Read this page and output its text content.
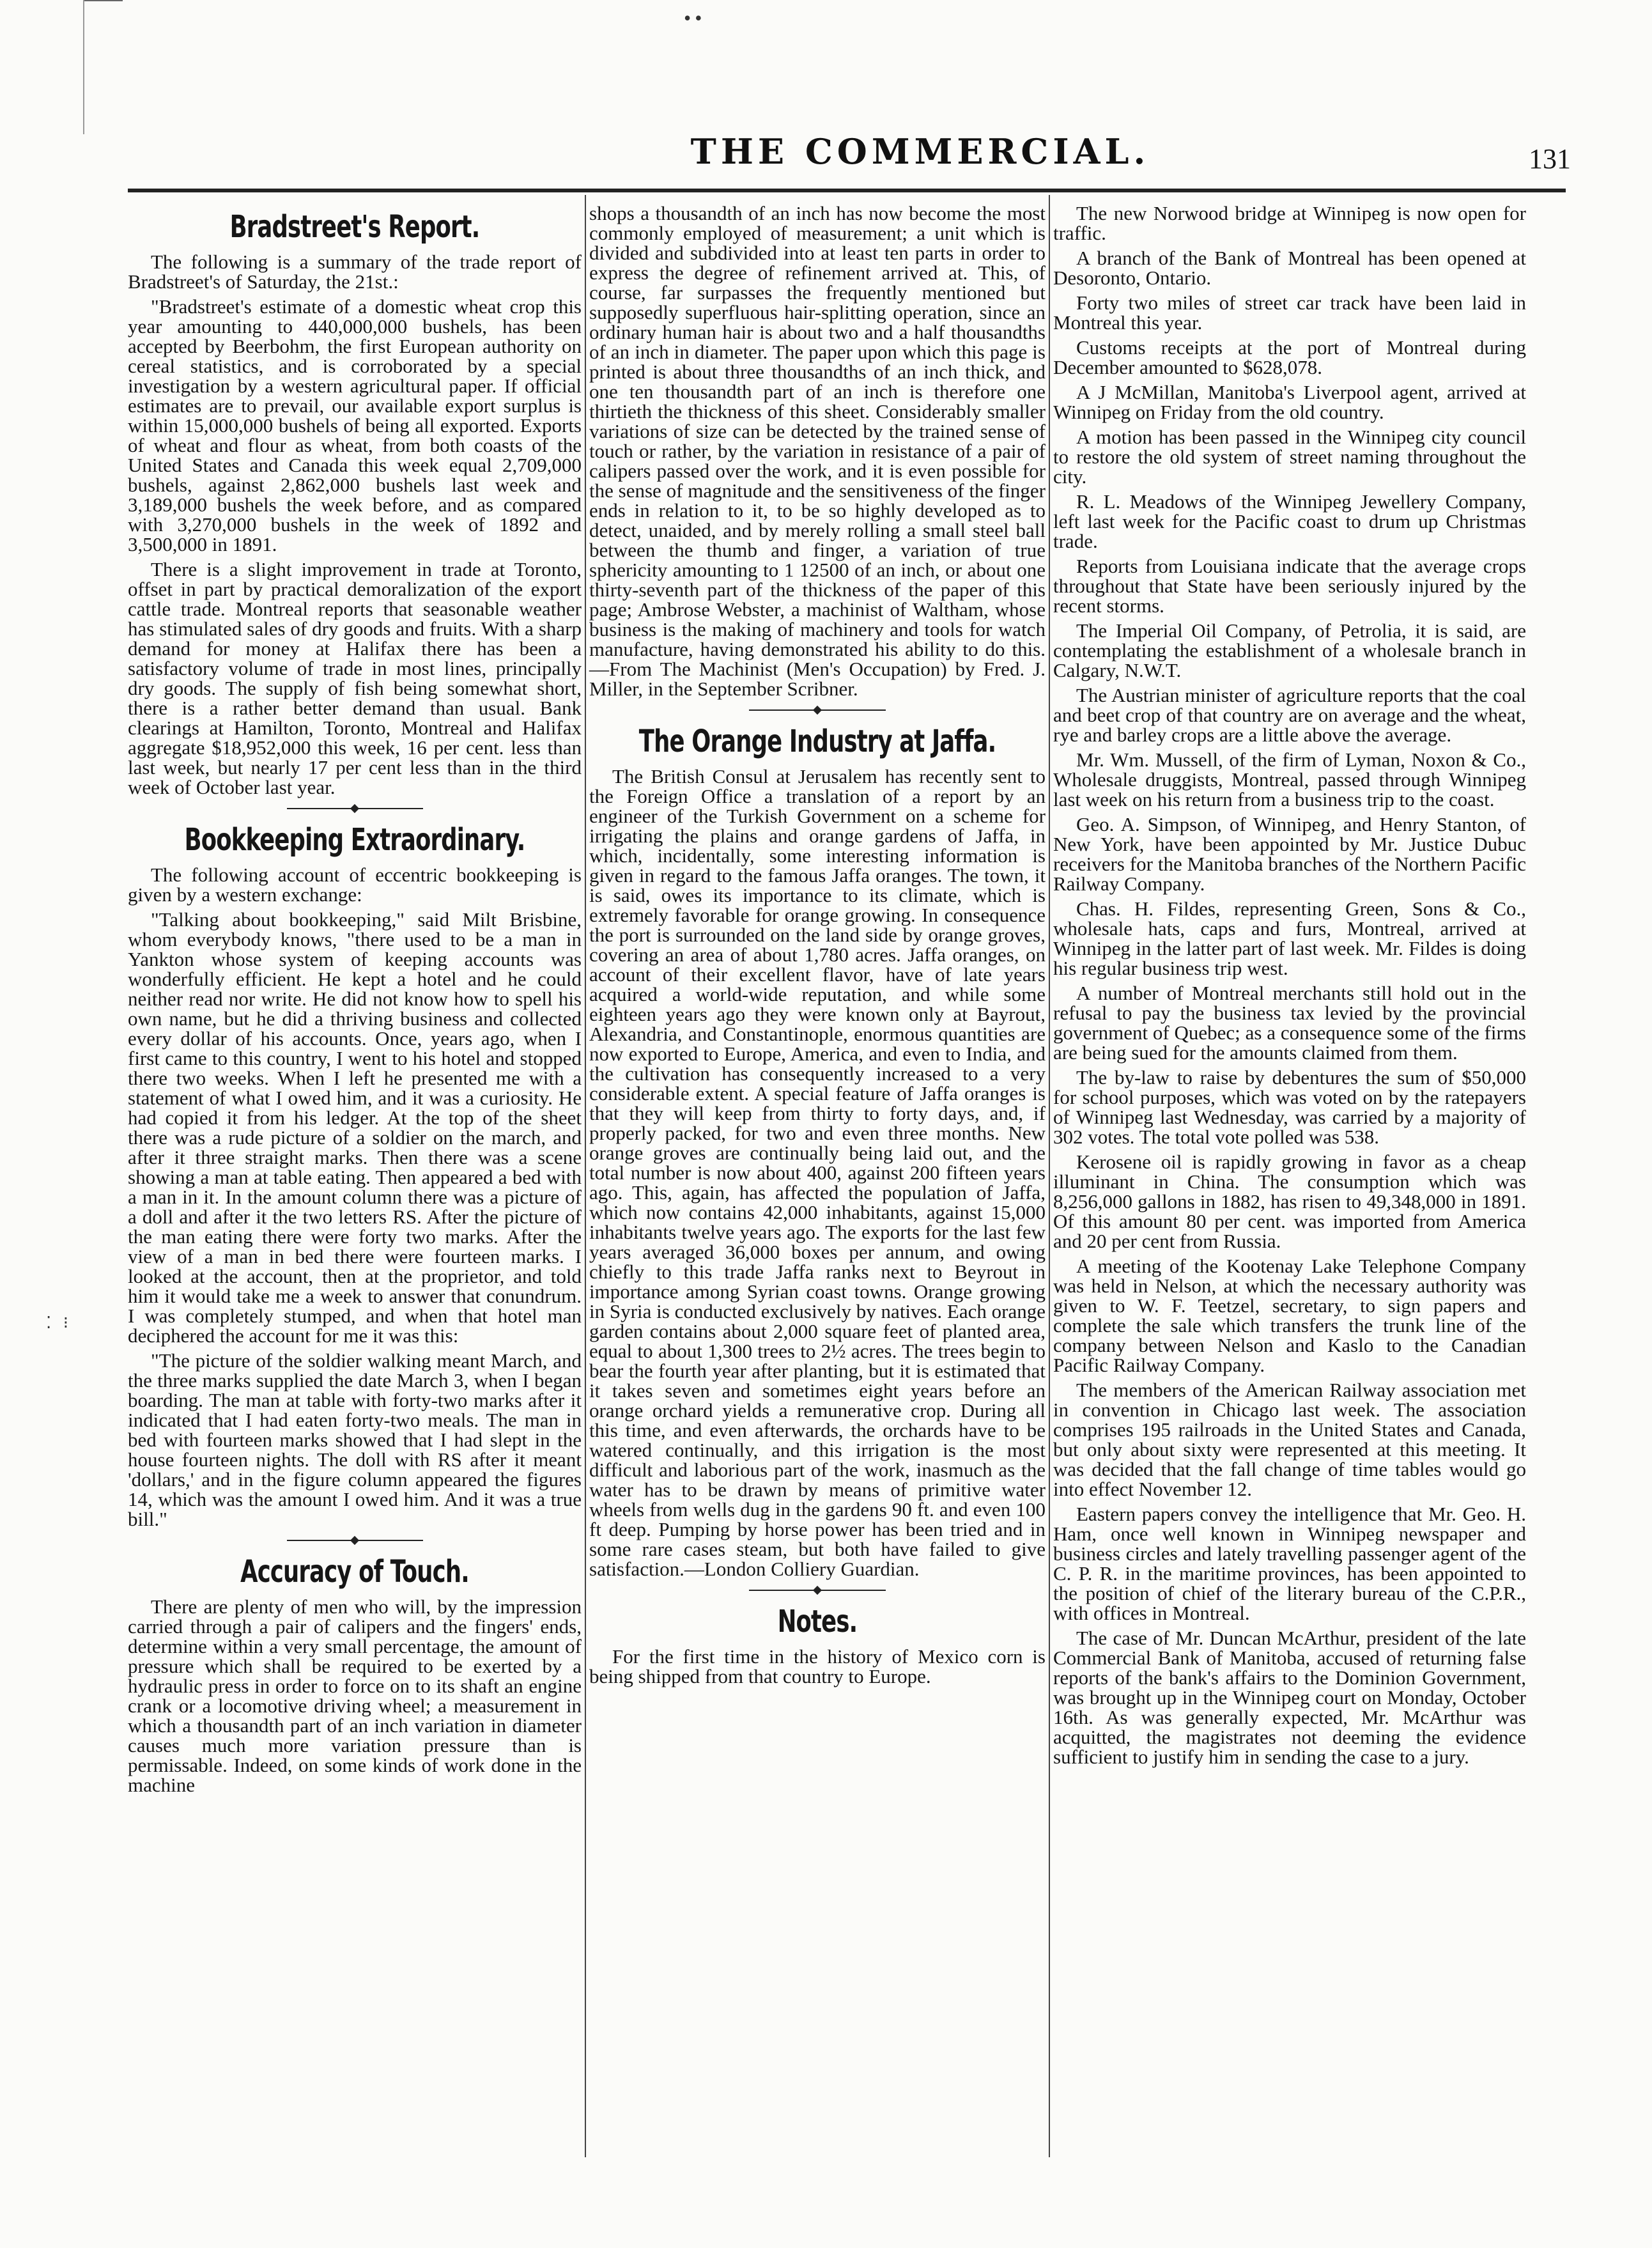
••
⁚ ⁝
THE COMMERCIAL.	131
Bradstreet's Report.

The following is a summary of the trade report of Bradstreet's of Saturday, the 21st.:

"Bradstreet's estimate of a domestic wheat crop this year amounting to 440,000,000 bushels, has been accepted by Beerbohm, the first European authority on cereal statistics, and is corroborated by a special investigation by a western agricultural paper. If official estimates are to prevail, our available export surplus is within 15,000,000 bushels of being all exported. Exports of wheat and flour as wheat, from both coasts of the United States and Canada this week equal 2,709,000 bushels, against 2,862,000 bushels last week and 3,189,000 bushels the week before, and as compared with 3,270,000 bushels in the week of 1892 and 3,500,000 in 1891.

There is a slight improvement in trade at Toronto, offset in part by practical demoralization of the export cattle trade. Montreal reports that seasonable weather has stimulated sales of dry goods and fruits. With a sharp demand for money at Halifax there has been a satisfactory volume of trade in most lines, principally dry goods. The supply of fish being somewhat short, there is a rather better demand than usual. Bank clearings at Hamilton, Toronto, Montreal and Halifax aggregate $18,952,000 this week, 16 per cent. less than last week, but nearly 17 per cent less than in the third week of October last year.

Bookkeeping Extraordinary.

The following account of eccentric bookkeeping is given by a western exchange:

"Talking about bookkeeping," said Milt Brisbine, whom everybody knows, "there used to be a man in Yankton whose system of keeping accounts was wonderfully efficient. He kept a hotel and he could neither read nor write. He did not know how to spell his own name, but he did a thriving business and collected every dollar of his accounts. Once, years ago, when I first came to this country, I went to his hotel and stopped there two weeks. When I left he presented me with a statement of what I owed him, and it was a curiosity. He had copied it from his ledger. At the top of the sheet there was a rude picture of a soldier on the march, and after it three straight marks. Then there was a scene showing a man at table eating. Then appeared a bed with a man in it. In the amount column there was a picture of a doll and after it the two letters RS. After the picture of the man eating there were forty two marks. After the view of a man in bed there were fourteen marks. I looked at the account, then at the proprietor, and told him it would take me a week to answer that conundrum. I was completely stumped, and when that hotel man deciphered the account for me it was this:

"The picture of the soldier walking meant March, and the three marks supplied the date March 3, when I began boarding. The man at table with forty-two marks after it indicated that I had eaten forty-two meals. The man in bed with fourteen marks showed that I had slept in the house fourteen nights. The doll with RS after it meant 'dollars,' and in the figure column appeared the figures 14, which was the amount I owed him. And it was a true bill."

Accuracy of Touch.

There are plenty of men who will, by the impression carried through a pair of calipers and the fingers' ends, determine within a very small percentage, the amount of pressure which shall be required to be exerted by a hydraulic press in order to force on to its shaft an engine crank or a locomotive driving wheel; a measurement in which a thousandth part of an inch variation in diameter causes much more variation pressure than is permissable. Indeed, on some kinds of work done in the machine

shops a thousandth of an inch has now become the most commonly employed of measurement; a unit which is divided and subdivided into at least ten parts in order to express the degree of refinement arrived at. This, of course, far surpasses the frequently mentioned but supposedly superfluous hair-splitting operation, since an ordinary human hair is about two and a half thousandths of an inch in diameter. The paper upon which this page is printed is about three thousandths of an inch thick, and one ten thousandth part of an inch is therefore one thirtieth the thickness of this sheet. Considerably smaller variations of size can be detected by the trained sense of touch or rather, by the variation in resistance of a pair of calipers passed over the work, and it is even possible for the sense of magnitude and the sensitiveness of the finger ends in relation to it, to be so highly developed as to detect, unaided, and by merely rolling a small steel ball between the thumb and finger, a variation of true sphericity amounting to 1 12500 of an inch, or about one thirty-seventh part of the thickness of the paper of this page; Ambrose Webster, a machinist of Waltham, whose business is the making of machinery and tools for watch manufacture, having demonstrated his ability to do this.—From The Machinist (Men's Occupation) by Fred. J. Miller, in the September Scribner.

The Orange Industry at Jaffa.

The British Consul at Jerusalem has recently sent to the Foreign Office a translation of a report by an engineer of the Turkish Government on a scheme for irrigating the plains and orange gardens of Jaffa, in which, incidentally, some interesting information is given in regard to the famous Jaffa oranges. The town, it is said, owes its importance to its climate, which is extremely favorable for orange growing. In consequence the port is surrounded on the land side by orange groves, covering an area of about 1,780 acres. Jaffa oranges, on account of their excellent flavor, have of late years acquired a world-wide reputation, and while some eighteen years ago they were known only at Bayrout, Alexandria, and Constantinople, enormous quantities are now exported to Europe, America, and even to India, and the cultivation has consequently increased to a very considerable extent. A special feature of Jaffa oranges is that they will keep from thirty to forty days, and, if properly packed, for two and even three months. New orange groves are continually being laid out, and the total number is now about 400, against 200 fifteen years ago. This, again, has affected the population of Jaffa, which now contains 42,000 inhabitants, against 15,000 inhabitants twelve years ago. The exports for the last few years averaged 36,000 boxes per annum, and owing chiefly to this trade Jaffa ranks next to Beyrout in importance among Syrian coast towns. Orange growing in Syria is conducted exclusively by natives. Each orange garden contains about 2,000 square feet of planted area, equal to about 1,300 trees to 2½ acres. The trees begin to bear the fourth year after planting, but it is estimated that it takes seven and sometimes eight years before an orange orchard yields a remunerative crop. During all this time, and even afterwards, the orchards have to be watered continually, and this irrigation is the most difficult and laborious part of the work, inasmuch as the water has to be drawn by means of primitive water wheels from wells dug in the gardens 90 ft. and even 100 ft deep. Pumping by horse power has been tried and in some rare cases steam, but both have failed to give satisfaction.—London Colliery Guardian.

Notes.

For the first time in the history of Mexico corn is being shipped from that country to Europe.

The new Norwood bridge at Winnipeg is now open for traffic.

A branch of the Bank of Montreal has been opened at Desoronto, Ontario.

Forty two miles of street car track have been laid in Montreal this year.

Customs receipts at the port of Montreal during December amounted to $628,078.

A J McMillan, Manitoba's Liverpool agent, arrived at Winnipeg on Friday from the old country.

A motion has been passed in the Winnipeg city council to restore the old system of street naming throughout the city.

R. L. Meadows of the Winnipeg Jewellery Company, left last week for the Pacific coast to drum up Christmas trade.

Reports from Louisiana indicate that the average crops throughout that State have been seriously injured by the recent storms.

The Imperial Oil Company, of Petrolia, it is said, are contemplating the establishment of a wholesale branch in Calgary, N.W.T.

The Austrian minister of agriculture reports that the coal and beet crop of that country are on average and the wheat, rye and barley crops are a little above the average.

Mr. Wm. Mussell, of the firm of Lyman, Noxon & Co., Wholesale druggists, Montreal, passed through Winnipeg last week on his return from a business trip to the coast.

Geo. A. Simpson, of Winnipeg, and Henry Stanton, of New York, have been appointed by Mr. Justice Dubuc receivers for the Manitoba branches of the Northern Pacific Railway Company.

Chas. H. Fildes, representing Green, Sons & Co., wholesale hats, caps and furs, Montreal, arrived at Winnipeg in the latter part of last week. Mr. Fildes is doing his regular business trip west.

A number of Montreal merchants still hold out in the refusal to pay the business tax levied by the provincial government of Quebec; as a consequence some of the firms are being sued for the amounts claimed from them.

The by-law to raise by debentures the sum of $50,000 for school purposes, which was voted on by the ratepayers of Winnipeg last Wednesday, was carried by a majority of 302 votes. The total vote polled was 538.

Kerosene oil is rapidly growing in favor as a cheap illuminant in China. The consumption which was 8,256,000 gallons in 1882, has risen to 49,348,000 in 1891. Of this amount 80 per cent. was imported from America and 20 per cent from Russia.

A meeting of the Kootenay Lake Telephone Company was held in Nelson, at which the necessary authority was given to W. F. Teetzel, secretary, to sign papers and complete the sale which transfers the trunk line of the company between Nelson and Kaslo to the Canadian Pacific Railway Company.

The members of the American Railway association met in convention in Chicago last week. The association comprises 195 railroads in the United States and Canada, but only about sixty were represented at this meeting. It was decided that the fall change of time tables would go into effect November 12.

Eastern papers convey the intelligence that Mr. Geo. H. Ham, once well known in Winnipeg newspaper and business circles and lately travelling passenger agent of the C. P. R. in the maritime provinces, has been appointed to the position of chief of the literary bureau of the C.P.R., with offices in Montreal.

The case of Mr. Duncan McArthur, president of the late Commercial Bank of Manitoba, accused of returning false reports of the bank's affairs to the Dominion Government, was brought up in the Winnipeg court on Monday, October 16th. As was generally expected, Mr. McArthur was acquitted, the magistrates not deeming the evidence sufficient to justify him in sending the case to a jury.
